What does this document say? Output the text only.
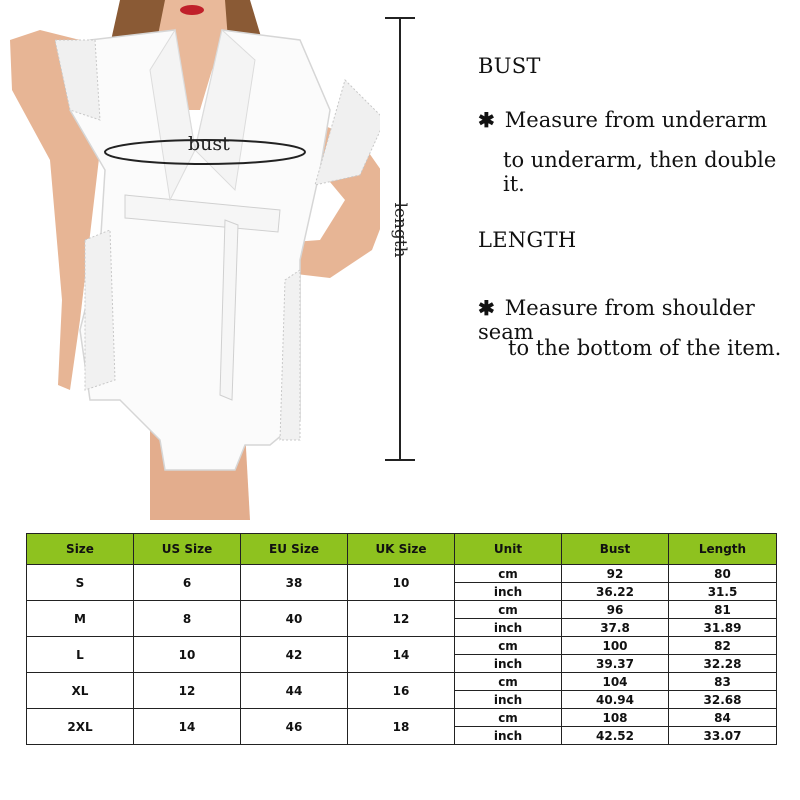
bust
length
BUST
✱ Measure from underarm
to underarm, then double it.
LENGTH
✱ Measure from shoulder seam
to the bottom of the item.
Size	US Size	EU Size	UK Size	Unit	Bust	Length
S	6	38	10	cm	92	80
				inch	36.22	31.5
M	8	40	12	cm	96	81
				inch	37.8	31.89
L	10	42	14	cm	100	82
				inch	39.37	32.28
XL	12	44	16	cm	104	83
				inch	40.94	32.68
2XL	14	46	18	cm	108	84
				inch	42.52	33.07
